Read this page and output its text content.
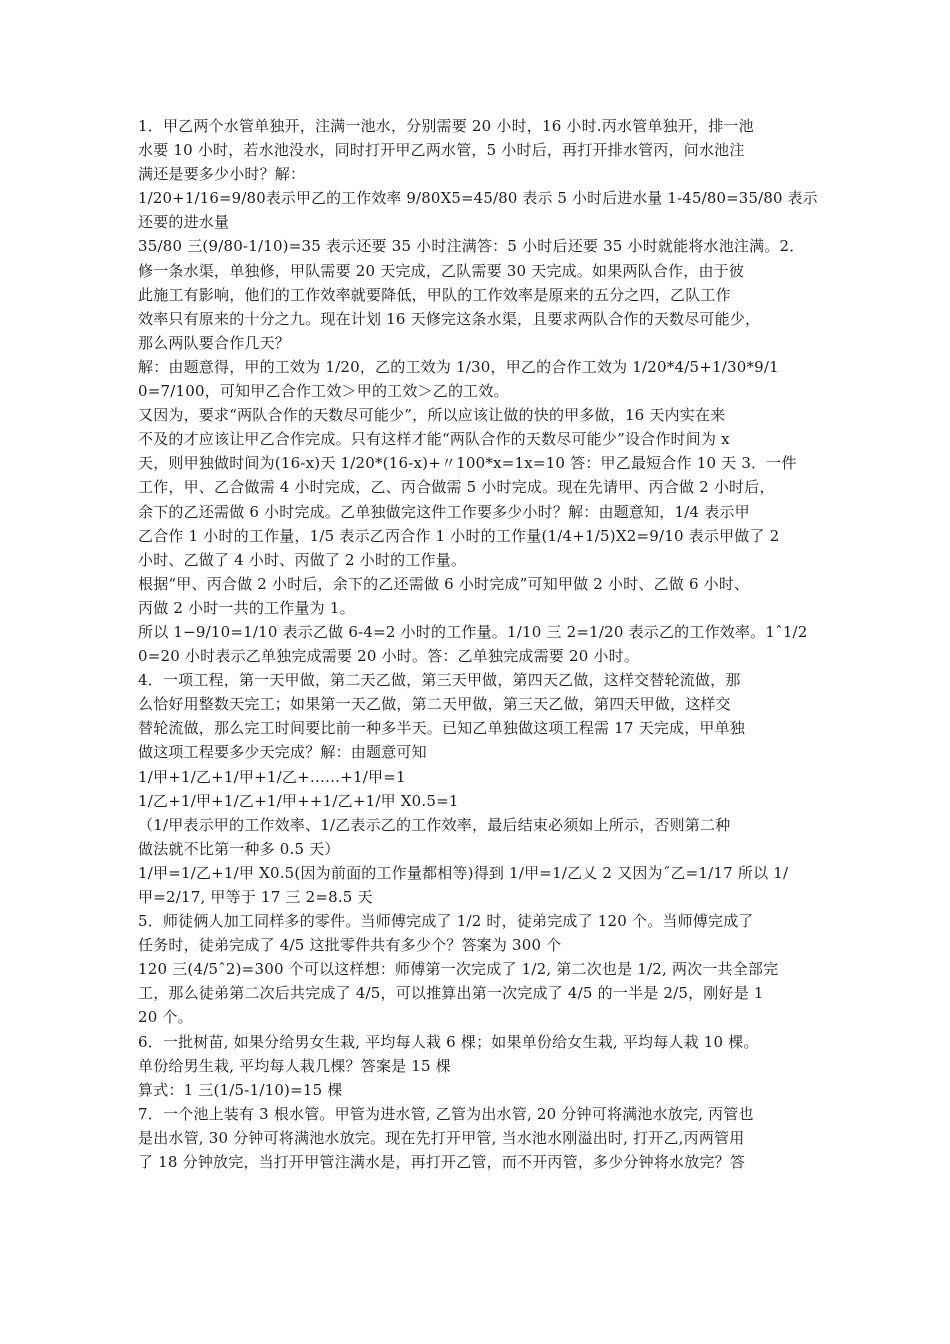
1．甲乙两个水管单独开，注满一池水，分别需要 20 小时，16 小时.丙水管单独开，排一池
水要 10 小时，若水池没水，同时打开甲乙两水管，5 小时后，再打开排水管丙，问水池注
满还是要多少小时？解：
1/20+1/16=9/80表示甲乙的工作效率 9/80X5=45/80 表示 5 小时后进水量 1-45/80=35/80 表示
还要的进水量
35/80 三(9/80-1/10)=35 表示还要 35 小时注满答：5 小时后还要 35 小时就能将水池注满。2．
修一条水渠，单独修，甲队需要 20 天完成，乙队需要 30 天完成。如果两队合作，由于彼
此施工有影响，他们的工作效率就要降低，甲队的工作效率是原来的五分之四，乙队工作
效率只有原来的十分之九。现在计划 16 天修完这条水渠，且要求两队合作的天数尽可能少，
那么两队要合作几天？
解：由题意得，甲的工效为 1/20，乙的工效为 1/30，甲乙的合作工效为 1/20*4/5+1/30*9/1
0=7/100，可知甲乙合作工效＞甲的工效＞乙的工效。
又因为，要求“两队合作的天数尽可能少”，所以应该让做的快的甲多做，16 天内实在来
不及的才应该让甲乙合作完成。只有这样才能“两队合作的天数尽可能少”设合作时间为 x
天，则甲独做时间为(16-x)天 1/20*(16-x)+〃100*x=1x=10 答：甲乙最短合作 10 天 3．一件
工作，甲、乙合做需 4 小时完成，乙、丙合做需 5 小时完成。现在先请甲、丙合做 2 小时后，
余下的乙还需做 6 小时完成。乙单独做完这件工作要多少小时？解：由题意知，1/4 表示甲
乙合作 1 小时的工作量，1/5 表示乙丙合作 1 小时的工作量(1/4+1/5)X2=9/10 表示甲做了 2
小时、乙做了 4 小时、丙做了 2 小时的工作量。
根据“甲、丙合做 2 小时后，余下的乙还需做 6 小时完成”可知甲做 2 小时、乙做 6 小时、
丙做 2 小时一共的工作量为 1。
所以 1−9/10=1/10 表示乙做 6-4=2 小时的工作量。1/10 三 2=1/20 表示乙的工作效率。1ˆ1/2
0=20 小时表示乙单独完成需要 20 小时。答：乙单独完成需要 20 小时。
4．一项工程，第一天甲做，第二天乙做，第三天甲做，第四天乙做，这样交替轮流做，那
么恰好用整数天完工；如果第一天乙做，第二天甲做，第三天乙做，第四天甲做，这样交
替轮流做，那么完工时间要比前一种多半天。已知乙单独做这项工程需 17 天完成，甲单独
做这项工程要多少天完成？解：由题意可知
1/甲+1/乙+1/甲+1/乙+……+1/甲=1
1/乙+1/甲+1/乙+1/甲++1/乙+1/甲 X0.5=1
（1/甲表示甲的工作效率、1/乙表示乙的工作效率，最后结束必须如上所示，否则第二种
做法就不比第一种多 0.5 天）
1/甲=1/乙+1/甲 X0.5(因为前面的工作量都相等)得到 1/甲=1/乙乂 2 又因为˝乙=1/17 所以 1/
甲=2/17, 甲等于 17 三 2=8.5 天
5．师徒俩人加工同样多的零件。当师傅完成了 1/2 时，徒弟完成了 120 个。当师傅完成了
任务时，徒弟完成了 4/5 这批零件共有多少个？答案为 300 个
120 三(4/5ˆ2)=300 个可以这样想：师傅第一次完成了 1/2, 第二次也是 1/2, 两次一共全部完
工，那么徒弟第二次后共完成了 4/5，可以推算出第一次完成了 4/5 的一半是 2/5，刚好是 1
20 个。
6．一批树苗, 如果分给男女生栽, 平均每人栽 6 棵；如果单份给女生栽, 平均每人栽 10 棵。
单份给男生栽, 平均每人栽几棵？答案是 15 棵
算式：1 三(1/5-1/10)=15 棵
7．一个池上装有 3 根水管。甲管为进水管, 乙管为出水管, 20 分钟可将满池水放完, 丙管也
是出水管, 30 分钟可将满池水放完。现在先打开甲管, 当水池水刚溢出时, 打开乙,丙两管用
了 18 分钟放完，当打开甲管注满水是，再打开乙管，而不开丙管，多少分钟将水放完？答
